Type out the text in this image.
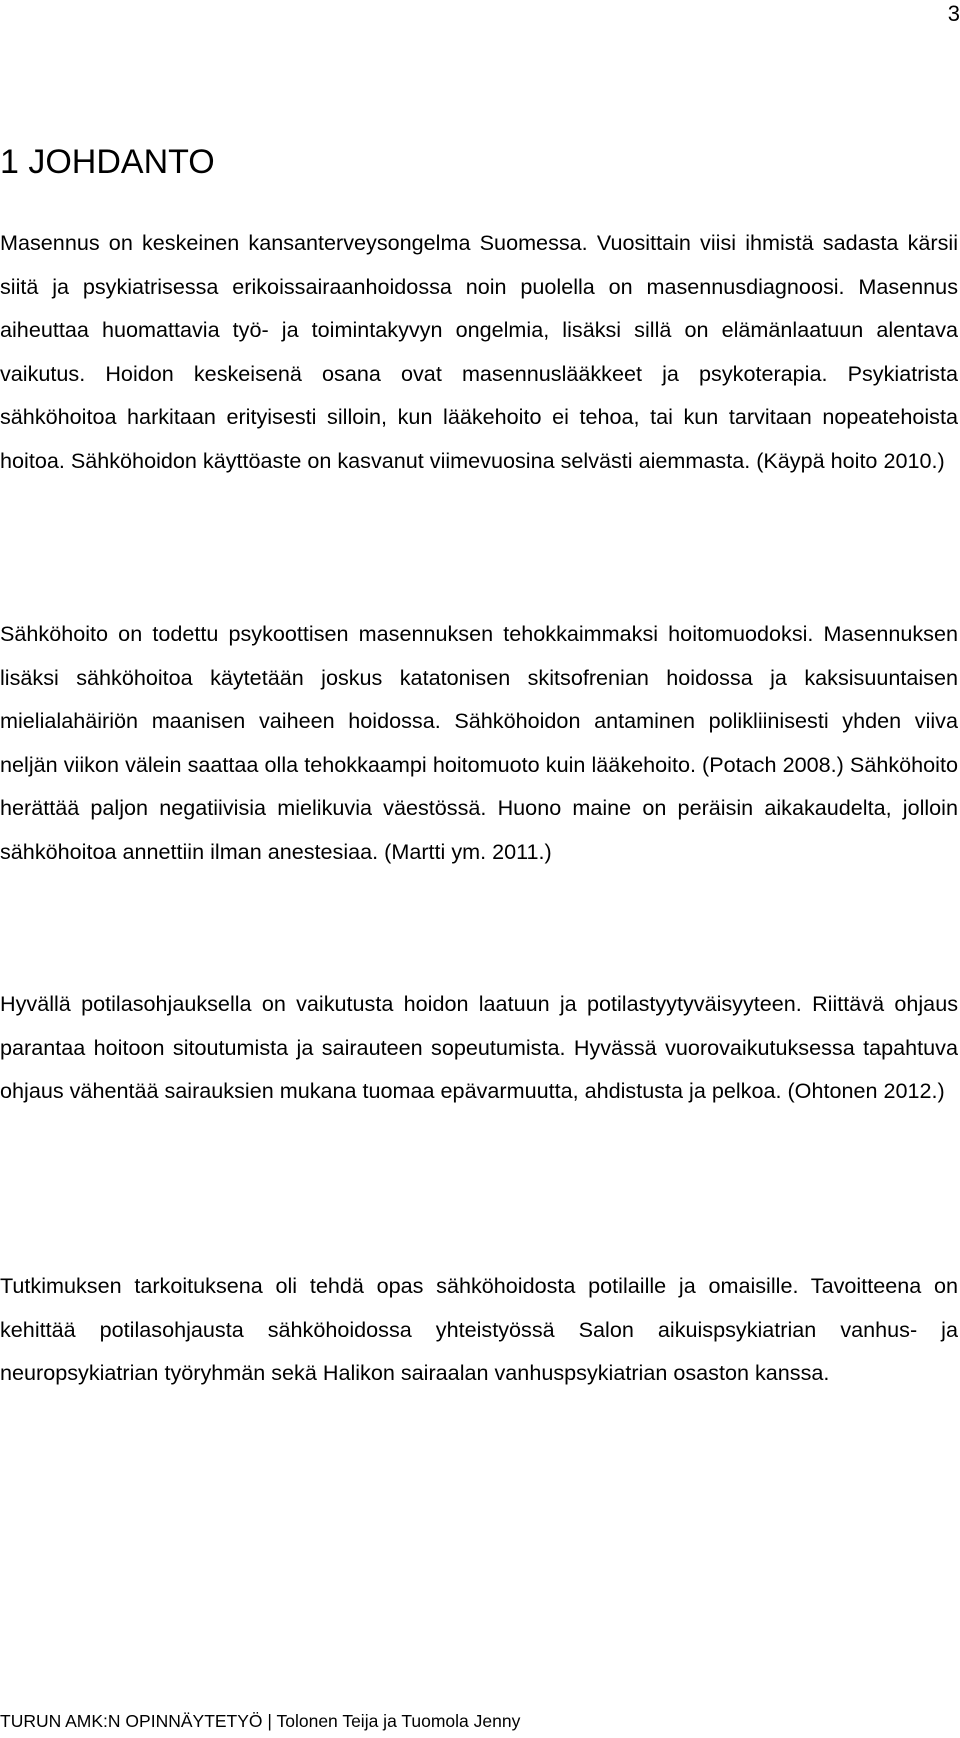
3
1 JOHDANTO

Masennus on keskeinen kansanterveysongelma Suomessa. Vuosittain viisi ihmistä sadasta kärsii siitä ja psykiatrisessa erikoissairaanhoidossa noin puolella on masennusdiagnoosi. Masennus aiheuttaa huomattavia työ- ja toimintakyvyn ongelmia, lisäksi sillä on elämänlaatuun alentava vaikutus. Hoidon keskeisenä osana ovat masennuslääkkeet ja psykoterapia. Psykiatrista sähköhoitoa harkitaan erityisesti silloin, kun lääkehoito ei tehoa, tai kun tarvitaan nopeatehoista hoitoa. Sähköhoidon käyttöaste on kasvanut viimevuosina selvästi aiemmasta. (Käypä hoito 2010.)

Sähköhoito on todettu psykoottisen masennuksen tehokkaimmaksi hoitomuodoksi. Masennuksen lisäksi sähköhoitoa käytetään joskus katatonisen skitsofrenian hoidossa ja kaksisuuntaisen mielialahäiriön maanisen vaiheen hoidossa. Sähköhoidon antaminen polikliinisesti yhden viiva neljän viikon välein saattaa olla tehokkaampi hoitomuoto kuin lääkehoito. (Potach 2008.) Sähköhoito herättää paljon negatiivisia mielikuvia väestössä. Huono maine on peräisin aikakaudelta, jolloin sähköhoitoa annettiin ilman anestesiaa. (Martti ym. 2011.)

Hyvällä potilasohjauksella on vaikutusta hoidon laatuun ja potilastyytyväisyyteen. Riittävä ohjaus parantaa hoitoon sitoutumista ja sairauteen sopeutumista. Hyvässä vuorovaikutuksessa tapahtuva ohjaus vähentää sairauksien mukana tuomaa epävarmuutta, ahdistusta ja pelkoa. (Ohtonen 2012.)

Tutkimuksen tarkoituksena oli tehdä opas sähköhoidosta potilaille ja omaisille. Tavoitteena on kehittää potilasohjausta sähköhoidossa yhteistyössä Salon aikuispsykiatrian vanhus- ja neuropsykiatrian työryhmän sekä Halikon sairaalan vanhuspsykiatrian osaston kanssa.

TURUN AMK:N OPINNÄYTETYÖ | Tolonen Teija ja Tuomola Jenny
